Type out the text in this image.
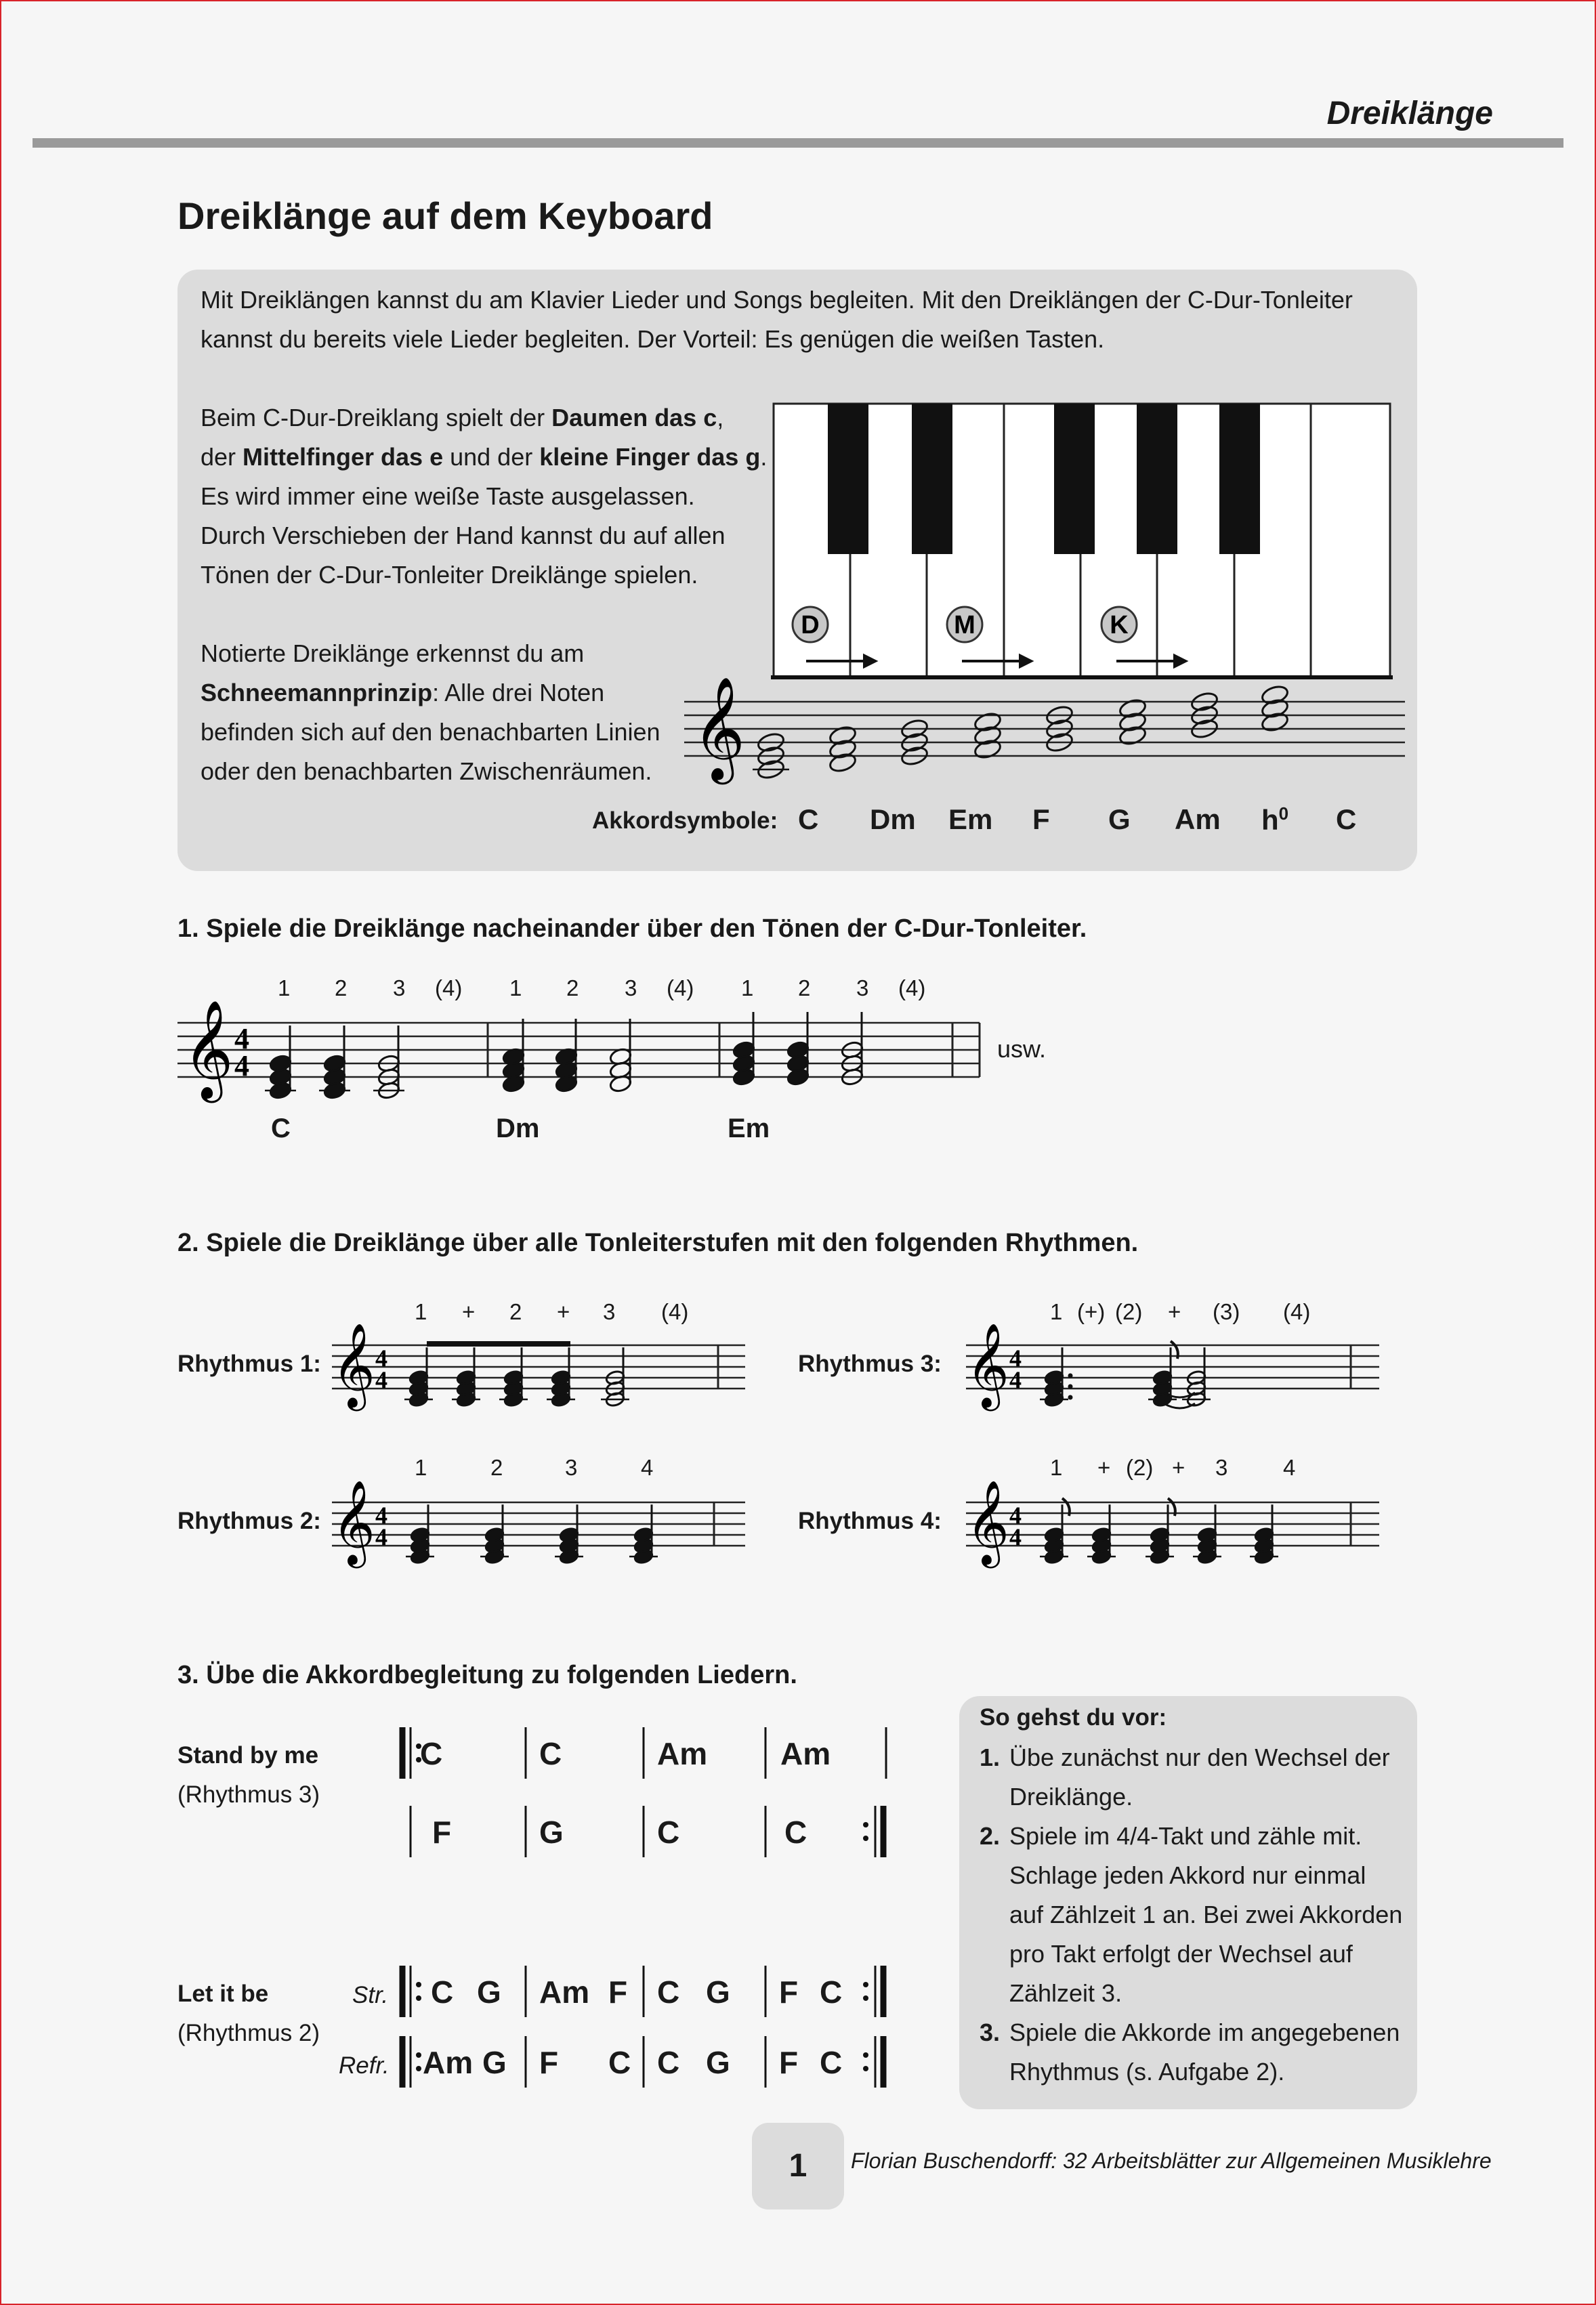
Dreiklänge
Dreiklänge auf dem Keyboard
Mit Dreiklängen kannst du am Klavier Lieder und Songs begleiten. Mit den Dreiklängen der C-Dur-Tonleiter
kannst du bereits viele Lieder begleiten. Der Vorteil: Es genügen die weißen Tasten.
Beim C-Dur-Dreiklang spielt der Daumen das c,
der Mittelfinger das e und der kleine Finger das g.
Es wird immer eine weiße Taste ausgelassen.
Durch Verschieben der Hand kannst du auf allen
Tönen der C-Dur-Tonleiter Dreiklänge spielen.
Notierte Dreiklänge erkennst du am
Schneemannprinzip: Alle drei Noten
befinden sich auf den benachbarten Linien
oder den benachbarten Zwischenräumen.
D	M	K
𝄞
Akkordsymbole: C Dm Em F G Am $h^0$ C
1. Spiele die Dreiklänge nacheinander über den Tönen der C-Dur-Tonleiter.
1 2 3 (4) 1 2 3 (4) 1 2 3 (4)
𝄞 4
4
usw.
C	Dm	Em
2. Spiele die Dreiklänge über alle Tonleiterstufen mit den folgenden Rhythmen.
Rhythmus 1:	Rhythmus 3:
Rhythmus 2:	Rhythmus 4:
1 + 2 + 3 (4)
1	2	3	4
1 (+) (2) + (3) (4)
1 + (2) + 3 4
𝄞 4
4	𝄞 4
4
𝄞 4
4	𝄞 4
4
3. Übe die Akkordbegleitung zu folgenden Liedern.
Stand by me
(Rhythmus 3)
Let it be
(Rhythmus 2)
Str.
Refr.
C	C	Am Am
F	G	C	C
C G Am F C G F C
Am G F C C G F C
So gehst du vor:
1. Übe zunächst nur den Wechsel der
Dreiklänge.
2. Spiele im 4/4-Takt und zähle mit.
Schlage jeden Akkord nur einmal
auf Zählzeit 1 an. Bei zwei Akkorden
pro Takt erfolgt der Wechsel auf
Zählzeit 3.
3. Spiele die Akkorde im angegebenen
Rhythmus (s. Aufgabe 2).
1	Florian Buschendorff: 32 Arbeitsblätter zur Allgemeinen Musiklehre
